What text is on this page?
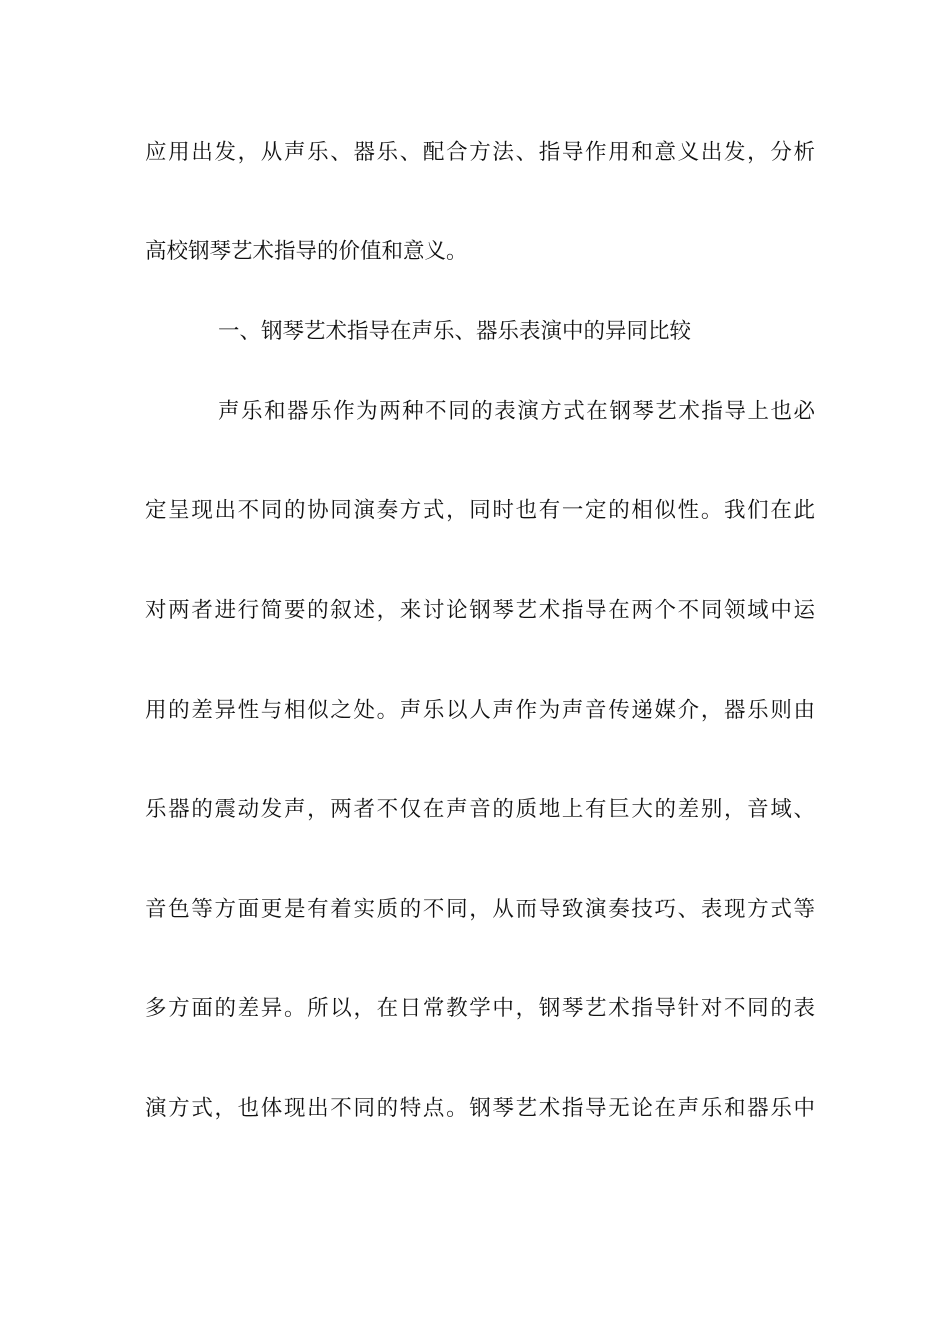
应用出发，从声乐、器乐、配合方法、指导作用和意义出发，分析
高校钢琴艺术指导的价值和意义。
一、钢琴艺术指导在声乐、器乐表演中的异同比较
声乐和器乐作为两种不同的表演方式在钢琴艺术指导上也必
定呈现出不同的协同演奏方式，同时也有一定的相似性。我们在此
对两者进行简要的叙述，来讨论钢琴艺术指导在两个不同领域中运
用的差异性与相似之处。声乐以人声作为声音传递媒介，器乐则由
乐器的震动发声，两者不仅在声音的质地上有巨大的差别，音域、
音色等方面更是有着实质的不同，从而导致演奏技巧、表现方式等
多方面的差异。所以，在日常教学中，钢琴艺术指导针对不同的表
演方式，也体现出不同的特点。钢琴艺术指导无论在声乐和器乐中
